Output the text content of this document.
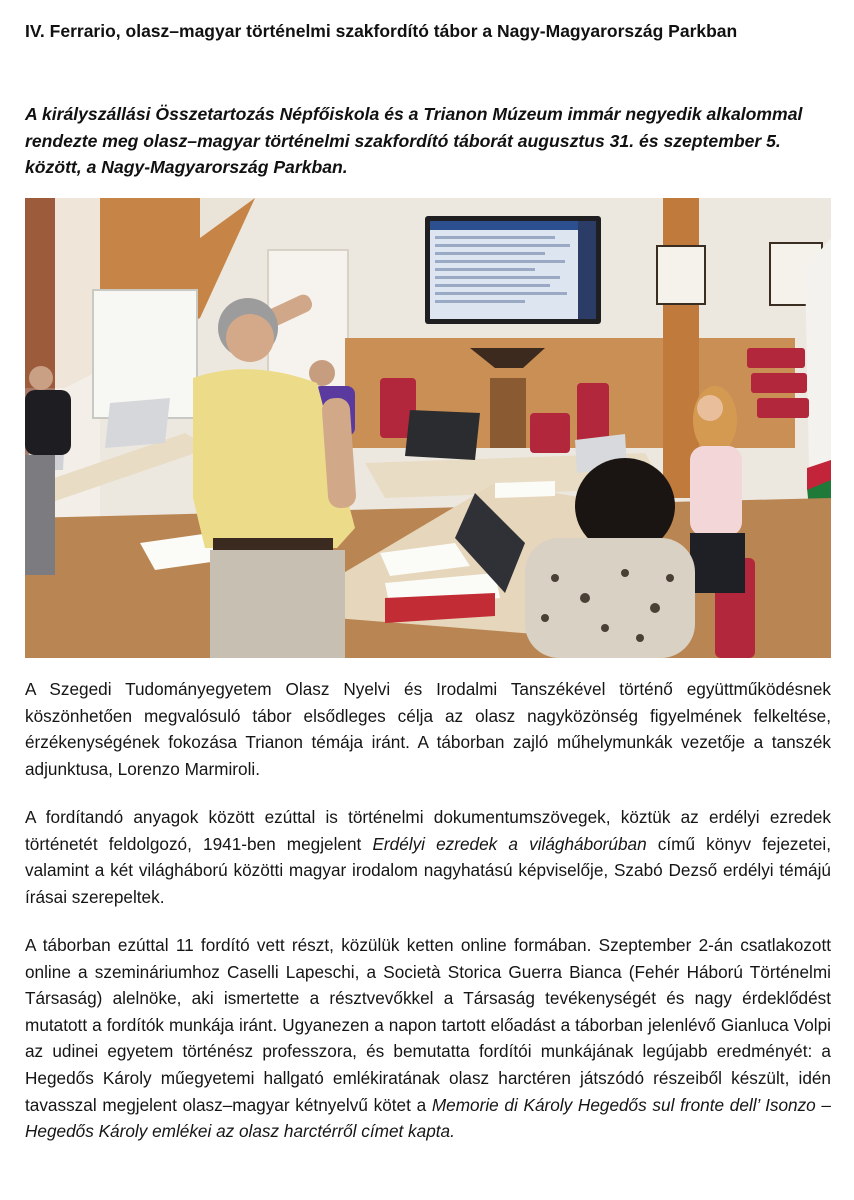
IV. Ferrario, olasz–magyar történelmi szakfordító tábor a Nagy-Magyarország Parkban

A királyszállási Összetartozás Népfőiskola és a Trianon Múzeum immár negyedik alkalommal rendezte meg olasz–magyar történelmi szakfordító táborát augusztus 31. és szeptember 5. között, a Nagy-Magyarország Parkban.

A Szegedi Tudományegyetem Olasz Nyelvi és Irodalmi Tanszékével történő együttműködésnek köszönhetően megvalósuló tábor elsődleges célja az olasz nagyközönség figyelmének felkeltése, érzékenységének fokozása Trianon témája iránt. A táborban zajló műhelymunkák vezetője a tanszék adjunktusa, Lorenzo Marmiroli.

A fordítandó anyagok között ezúttal is történelmi dokumentumszövegek, köztük az erdélyi ezredek történetét feldolgozó, 1941-ben megjelent Erdélyi ezredek a világháborúban című könyv fejezetei, valamint a két világháború közötti magyar irodalom nagyhatású képviselője, Szabó Dezső erdélyi témájú írásai szerepeltek.

A táborban ezúttal 11 fordító vett részt, közülük ketten online formában. Szeptember 2-án csatlakozott online a szemináriumhoz Caselli Lapeschi, a Società Storica Guerra Bianca (Fehér Háború Történelmi Társaság) alelnöke, aki ismertette a résztvevőkkel a Társaság tevékenységét és nagy érdeklődést mutatott a fordítók munkája iránt. Ugyanezen a napon tartott előadást a táborban jelenlévő Gianluca Volpi az udinei egyetem történész professzora, és bemutatta fordítói munkájának legújabb eredményét: a Hegedős Károly műegyetemi hallgató emlékiratának olasz harctéren játszódó részeiből készült, idén tavasszal megjelent olasz–magyar kétnyelvű kötet a Memorie di Károly Hegedős sul fronte dell’ Isonzo – Hegedős Károly emlékei az olasz harctérről címet kapta.
